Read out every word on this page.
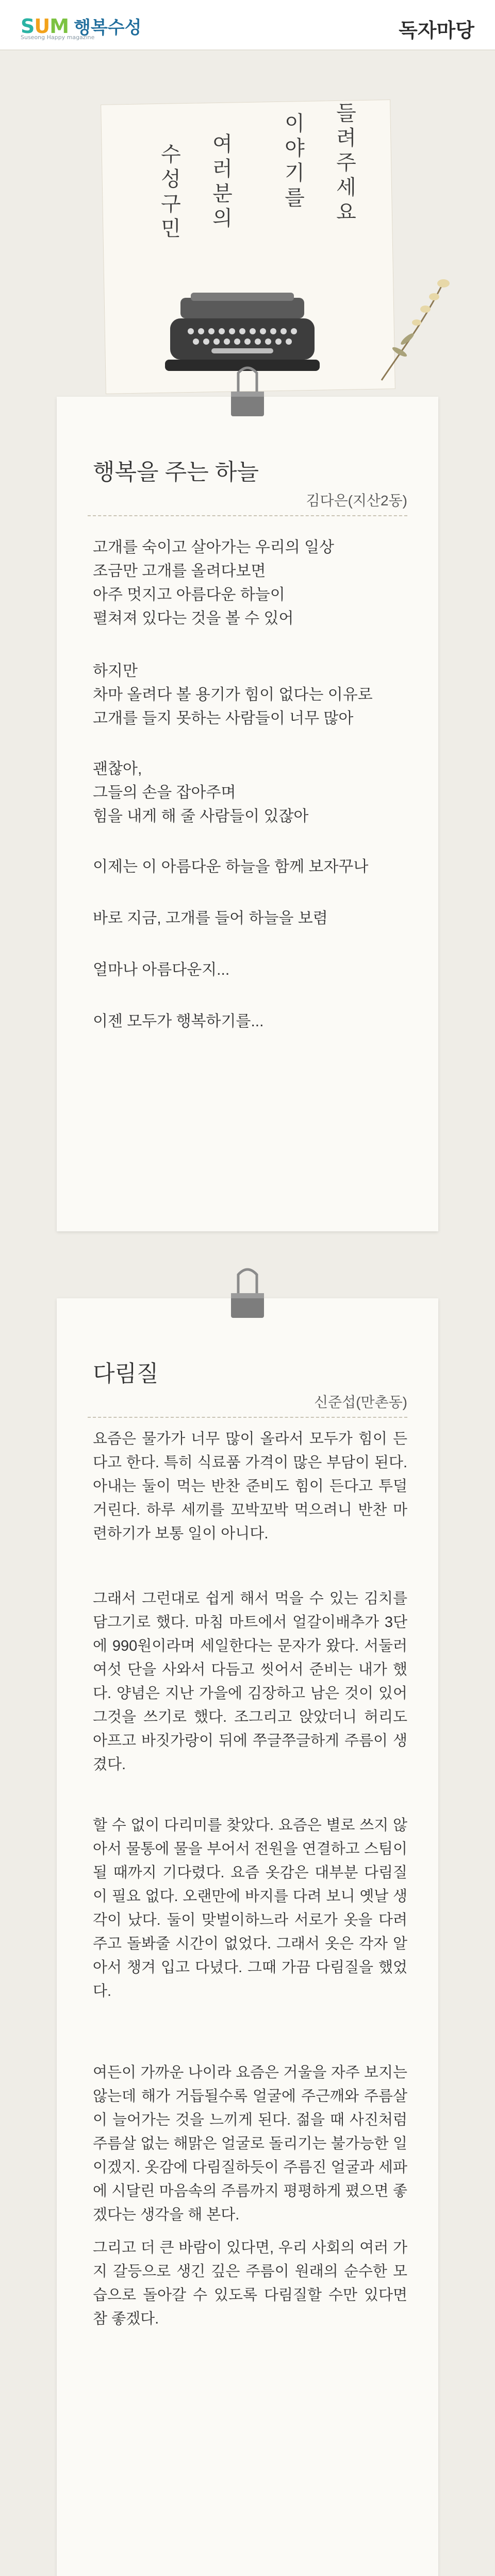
SUM 행복수성
Suseong Happy magazine	독자마당
수성구민 여러분의 이야기를 들려주세요
행복을 주는 하늘
김다은(지산2동)
고개를 숙이고 살아가는 우리의 일상
조금만 고개를 올려다보면
아주 멋지고 아름다운 하늘이
펼쳐져 있다는 것을 볼 수 있어
하지만
차마 올려다 볼 용기가 힘이 없다는 이유로
고개를 들지 못하는 사람들이 너무 많아
괜찮아,
그들의 손을 잡아주며
힘을 내게 해 줄 사람들이 있잖아
이제는 이 아름다운 하늘을 함께 보자꾸나
바로 지금, 고개를 들어 하늘을 보렴
얼마나 아름다운지...
이젠 모두가 행복하기를...
다림질
신준섭(만촌동)

요즘은 물가가 너무 많이 올라서 모두가 힘이 든다고 한다. 특히 식료품 가격이 많은 부담이 된다. 아내는 둘이 먹는 반찬 준비도 힘이 든다고 투덜거린다. 하루 세끼를 꼬박꼬박 먹으려니 반찬 마련하기가 보통 일이 아니다.

그래서 그런대로 쉽게 해서 먹을 수 있는 김치를 담그기로 했다. 마침 마트에서 얼갈이배추가 3단에 990원이라며 세일한다는 문자가 왔다. 서둘러 여섯 단을 사와서 다듬고 씻어서 준비는 내가 했다. 양념은 지난 가을에 김장하고 남은 것이 있어 그것을 쓰기로 했다. 조그리고 앉았더니 허리도 아프고 바짓가랑이 뒤에 쭈글쭈글하게 주름이 생겼다.

할 수 없이 다리미를 찾았다. 요즘은 별로 쓰지 않아서 물통에 물을 부어서 전원을 연결하고 스팀이 될 때까지 기다렸다. 요즘 옷감은 대부분 다림질이 필요 없다. 오랜만에 바지를 다려 보니 옛날 생각이 났다. 둘이 맞벌이하느라 서로가 옷을 다려주고 돌봐줄 시간이 없었다. 그래서 옷은 각자 알아서 챙겨 입고 다녔다. 그때 가끔 다림질을 했었다.

여든이 가까운 나이라 요즘은 거울을 자주 보지는 않는데 해가 거듭될수록 얼굴에 주근깨와 주름살이 늘어가는 것을 느끼게 된다. 젊을 때 사진처럼 주름살 없는 해맑은 얼굴로 돌리기는 불가능한 일이겠지. 옷감에 다림질하듯이 주름진 얼굴과 세파에 시달린 마음속의 주름까지 평평하게 폈으면 좋겠다는 생각을 해 본다.

그리고 더 큰 바람이 있다면, 우리 사회의 여러 가지 갈등으로 생긴 깊은 주름이 원래의 순수한 모습으로 돌아갈 수 있도록 다림질할 수만 있다면 참 좋겠다.
